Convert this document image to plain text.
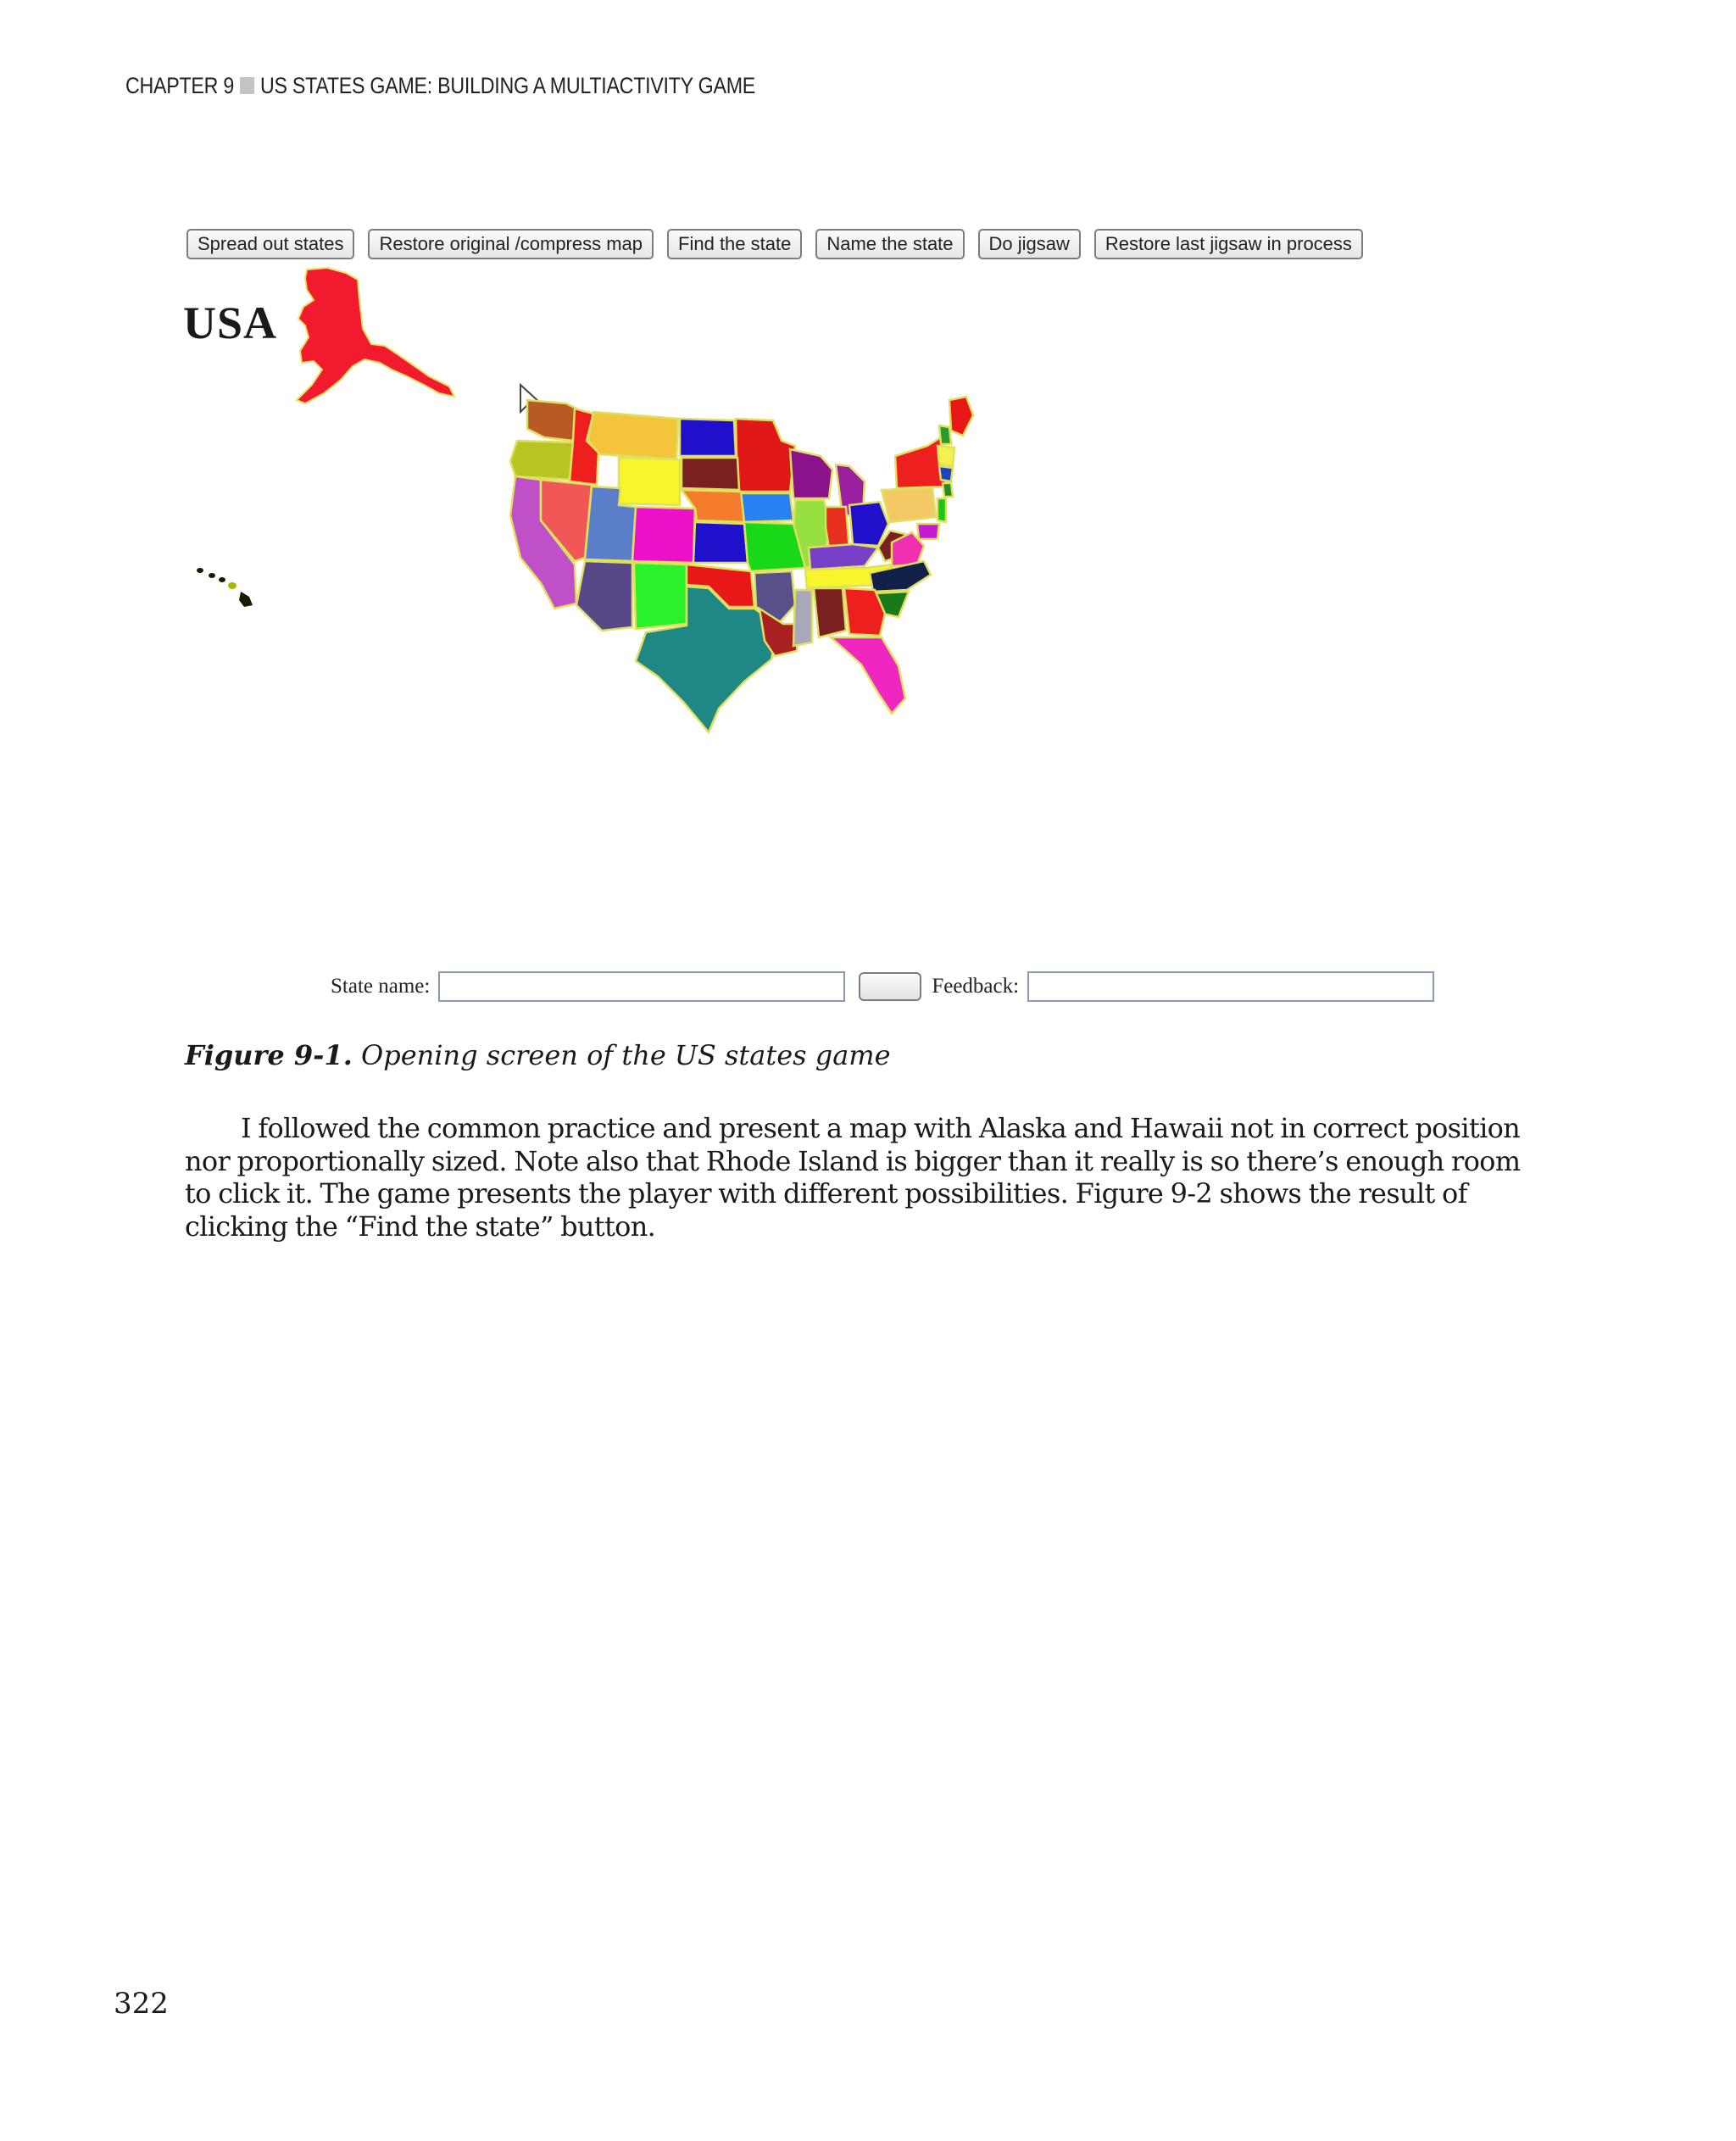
CHAPTER 9 US STATES GAME: BUILDING A MULTIACTIVITY GAME
Spread out states	Restore original /compress map	Find the state	Name the state	Do jigsaw	Restore last jigsaw in process
USA
State name:	Feedback:
Figure 9-1. Opening screen of the US states game
I followed the common practice and present a map with Alaska and Hawaii not in correct position nor proportionally sized. Note also that Rhode Island is bigger than it really is so there’s enough room to click it. The game presents the player with different possibilities. Figure 9-2 shows the result of clicking the “Find the state” button.
322
